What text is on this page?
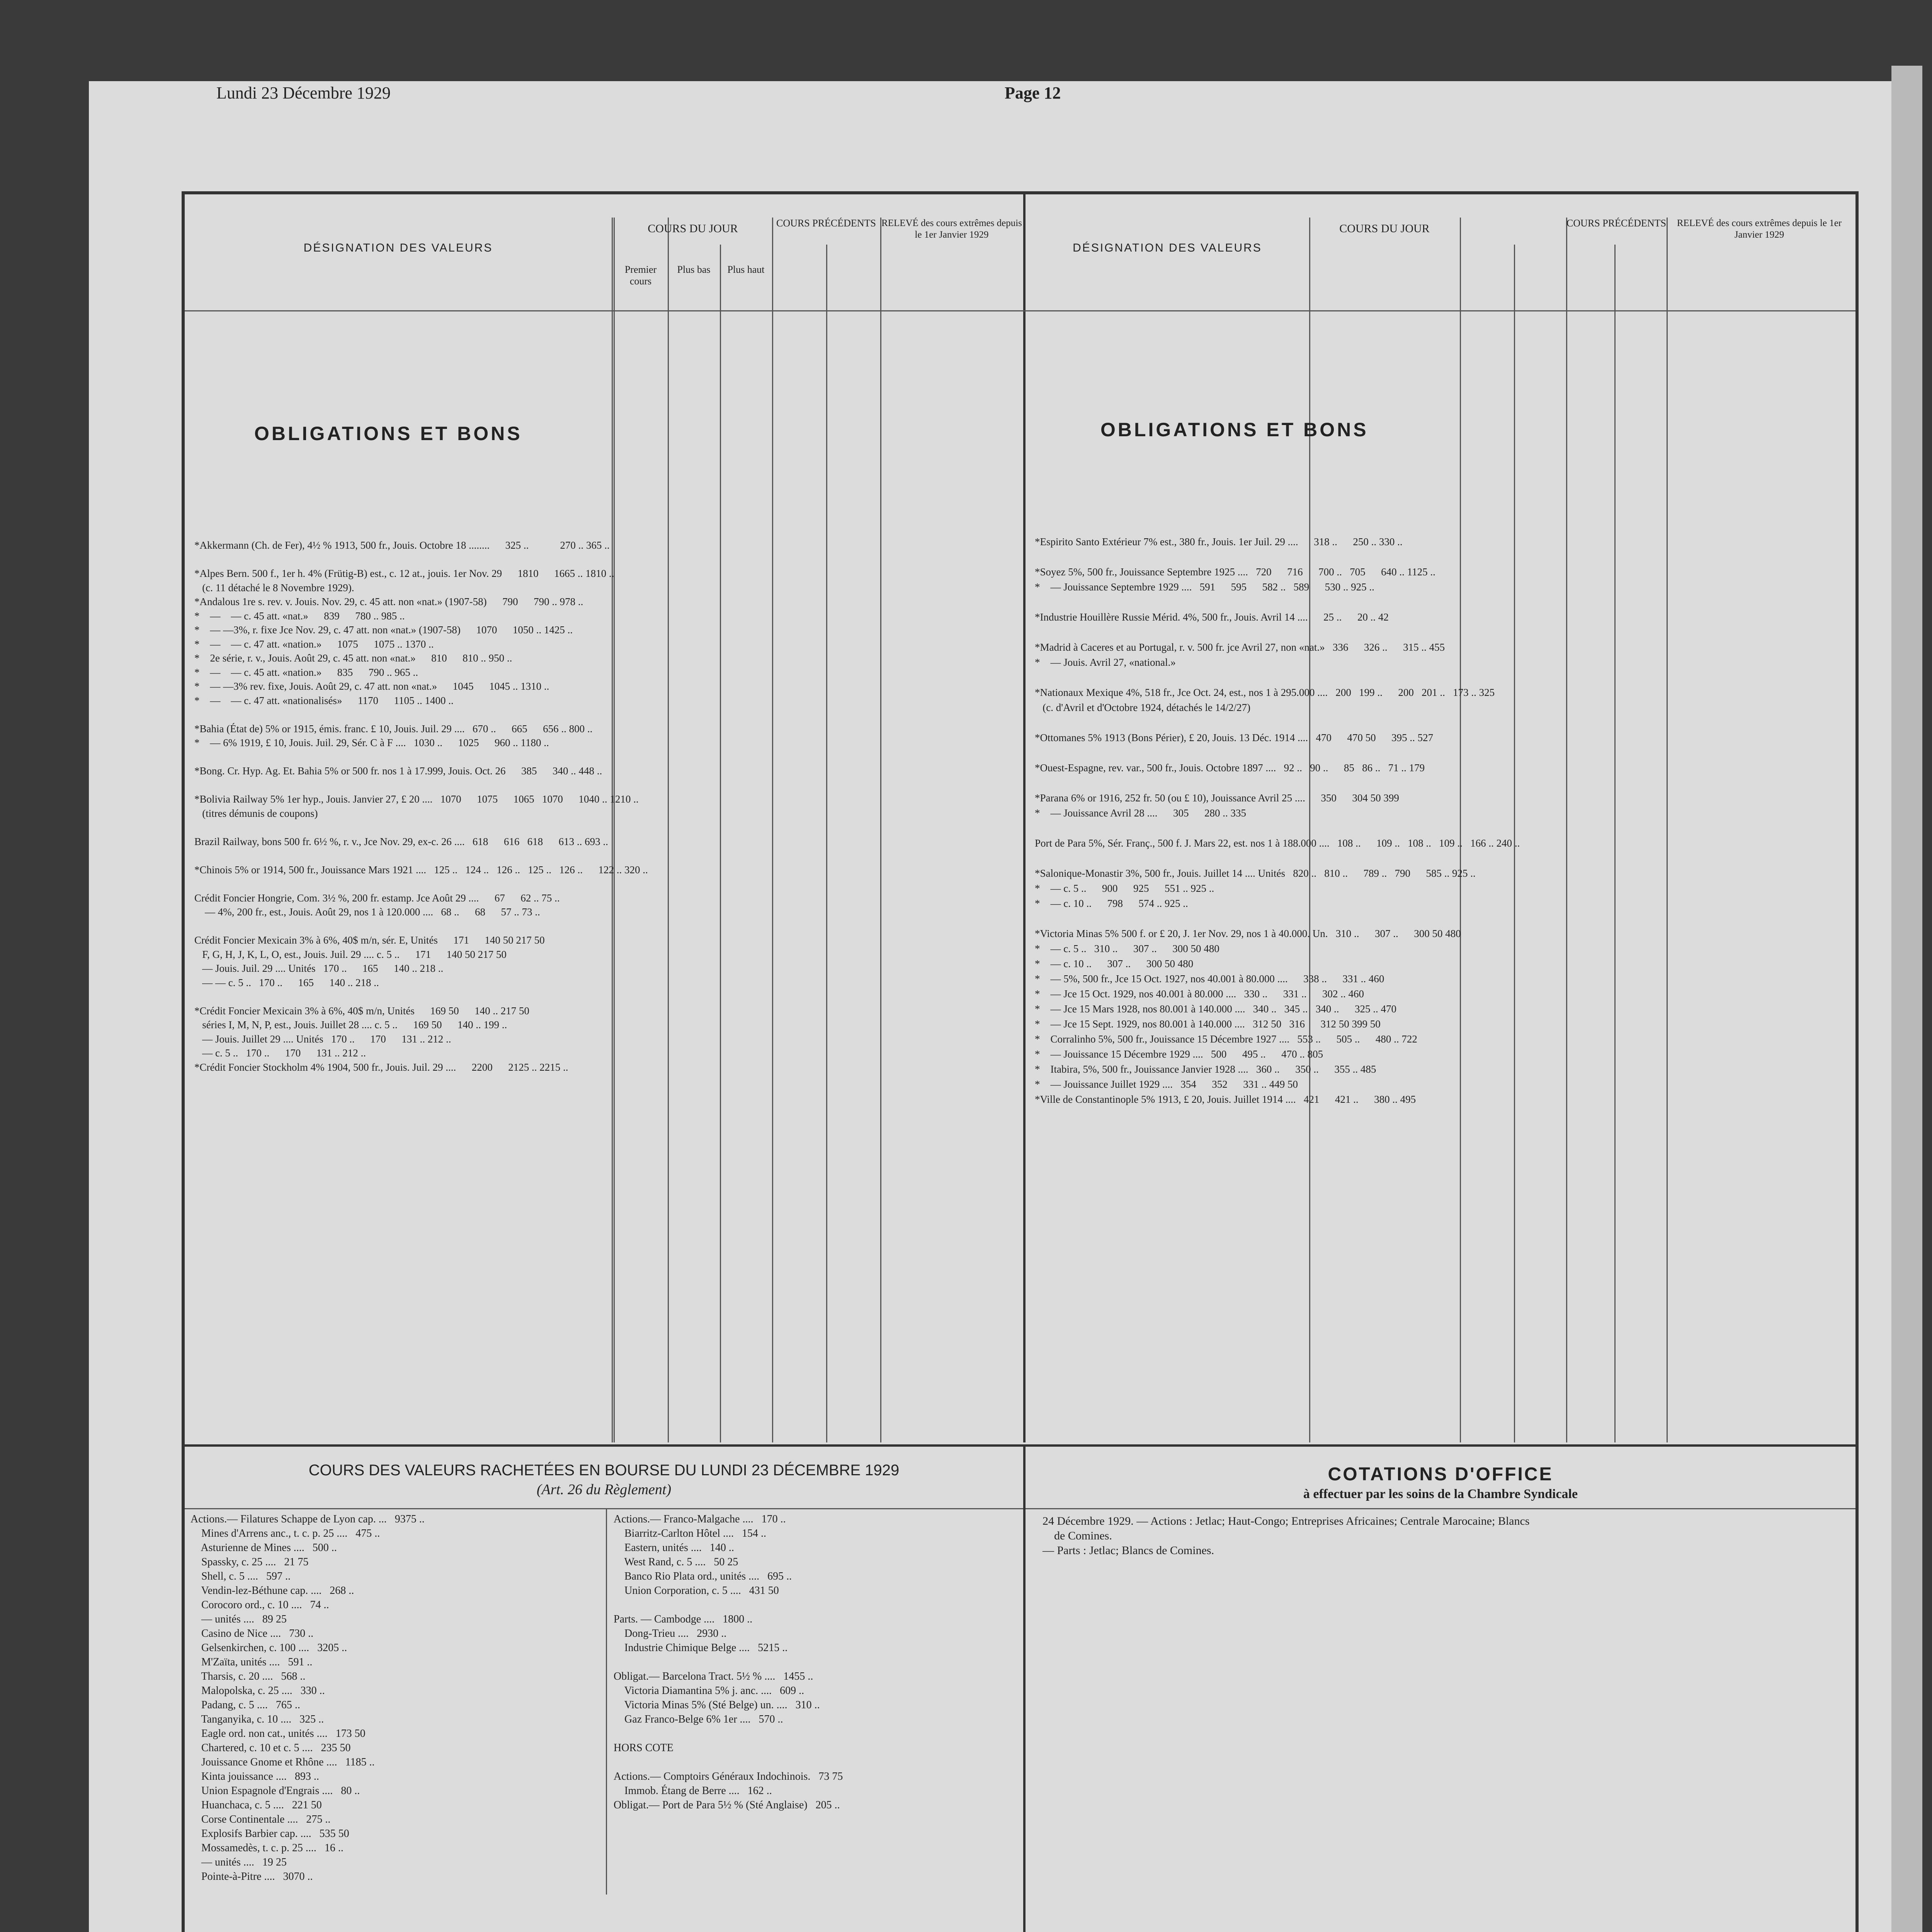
Lundi 23 Décembre 1929	Page 12
DÉSIGNATION DES VALEURS
COURS DU JOUR	COURS PRÉCÉDENTS RELEVÉ des cours extrêmes depuis le 1er Janvier 1929
Premier cours
Plus bas	Plus haut
DÉSIGNATION DES VALEURS
COURS DU JOUR	COURS PRÉCÉDENTS	RELEVÉ des cours extrêmes depuis le 1er Janvier 1929
OBLIGATIONS ET BONS	OBLIGATIONS ET BONS
*Akkermann (Ch. de Fer), 4½ % 1913, 500 fr., Jouis. Octobre 18 ........      325 ..            270 .. 365 ..

*Alpes Bern. 500 f., 1er h. 4% (Frütig-B) est., c. 12 at., jouis. 1er Nov. 29      1810      1665 .. 1810 ..
(c. 11 détaché le 8 Novembre 1929).
*Andalous 1re s. rev. v. Jouis. Nov. 29, c. 45 att. non «nat.» (1907-58)      790      790 .. 978 ..
*    —    — c. 45 att. «nat.»      839      780 .. 985 ..
*    — —3%, r. fixe Jce Nov. 29, c. 47 att. non «nat.» (1907-58)      1070      1050 .. 1425 ..
*    —    — c. 47 att. «nation.»      1075      1075 .. 1370 ..
*    2e série, r. v., Jouis. Août 29, c. 45 att. non «nat.»      810      810 .. 950 ..
*    —    — c. 45 att. «nation.»      835      790 .. 965 ..
*    — —3% rev. fixe, Jouis. Août 29, c. 47 att. non «nat.»      1045      1045 .. 1310 ..
*    —    — c. 47 att. «nationalisés»      1170      1105 .. 1400 ..

*Bahia (État de) 5% or 1915, émis. franc. £ 10, Jouis. Juil. 29 ....   670 ..      665      656 .. 800 ..
*    — 6% 1919, £ 10, Jouis. Juil. 29, Sér. C à F ....   1030 ..      1025      960 .. 1180 ..

*Bong. Cr. Hyp. Ag. Et. Bahia 5% or 500 fr. nos 1 à 17.999, Jouis. Oct. 26      385      340 .. 448 ..

*Bolivia Railway 5% 1er hyp., Jouis. Janvier 27, £ 20 ....   1070      1075      1065   1070      1040 .. 1210 ..
(titres démunis de coupons)

Brazil Railway, bons 500 fr. 6½ %, r. v., Jce Nov. 29, ex-c. 26 ....   618      616   618      613 .. 693 ..

*Chinois 5% or 1914, 500 fr., Jouissance Mars 1921 ....   125 ..   124 ..   126 ..   125 ..   126 ..      122 .. 320 ..

Crédit Foncier Hongrie, Com. 3½ %, 200 fr. estamp. Jce Août 29 ....      67      62 .. 75 ..
— 4%, 200 fr., est., Jouis. Août 29, nos 1 à 120.000 ....   68 ..      68      57 .. 73 ..

Crédit Foncier Mexicain 3% à 6%, 40$ m/n, sér. E, Unités      171      140 50 217 50
F, G, H, J, K, L, O, est., Jouis. Juil. 29 .... c. 5 ..      171      140 50 217 50
— Jouis. Juil. 29 .... Unités   170 ..      165      140 .. 218 ..
— — c. 5 ..   170 ..      165      140 .. 218 ..

*Crédit Foncier Mexicain 3% à 6%, 40$ m/n, Unités      169 50      140 .. 217 50
séries I, M, N, P, est., Jouis. Juillet 28 .... c. 5 ..      169 50      140 .. 199 ..
— Jouis. Juillet 29 .... Unités   170 ..      170      131 .. 212 ..
— c. 5 ..   170 ..      170      131 .. 212 ..
*Crédit Foncier Stockholm 4% 1904, 500 fr., Jouis. Juil. 29 ....      2200      2125 .. 2215 ..
*Espirito Santo Extérieur 7% est., 380 fr., Jouis. 1er Juil. 29 ....      318 ..      250 .. 330 ..

*Soyez 5%, 500 fr., Jouissance Septembre 1925 ....   720      716      700 ..   705      640 .. 1125 ..
*    — Jouissance Septembre 1929 ....   591      595      582 ..   589      530 .. 925 ..

*Industrie Houillère Russie Mérid. 4%, 500 fr., Jouis. Avril 14 ....      25 ..      20 .. 42

*Madrid à Caceres et au Portugal, r. v. 500 fr. jce Avril 27, non «nat.»   336      326 ..      315 .. 455
*    — Jouis. Avril 27, «national.»

*Nationaux Mexique 4%, 518 fr., Jce Oct. 24, est., nos 1 à 295.000 ....   200   199 ..      200   201 ..   173 .. 325
(c. d'Avril et d'Octobre 1924, détachés le 14/2/27)

*Ottomanes 5% 1913 (Bons Périer), £ 20, Jouis. 13 Déc. 1914 ....   470      470 50      395 .. 527

*Ouest-Espagne, rev. var., 500 fr., Jouis. Octobre 1897 ....   92 ..   90 ..      85   86 ..   71 .. 179

*Parana 6% or 1916, 252 fr. 50 (ou £ 10), Jouissance Avril 25 ....      350      304 50 399
*    — Jouissance Avril 28 ....      305      280 .. 335

Port de Para 5%, Sér. Franç., 500 f. J. Mars 22, est. nos 1 à 188.000 ....   108 ..      109 ..   108 ..   109 ..   166 .. 240 ..

*Salonique-Monastir 3%, 500 fr., Jouis. Juillet 14 .... Unités   820 ..   810 ..      789 ..   790      585 .. 925 ..
*    — c. 5 ..      900      925      551 .. 925 ..
*    — c. 10 ..      798      574 .. 925 ..

*Victoria Minas 5% 500 f. or £ 20, J. 1er Nov. 29, nos 1 à 40.000. Un.   310 ..      307 ..      300 50 480
*    — c. 5 ..   310 ..      307 ..      300 50 480
*    — c. 10 ..      307 ..      300 50 480
*    — 5%, 500 fr., Jce 15 Oct. 1927, nos 40.001 à 80.000 ....      338 ..      331 .. 460
*    — Jce 15 Oct. 1929, nos 40.001 à 80.000 ....   330 ..      331 ..      302 .. 460
*    — Jce 15 Mars 1928, nos 80.001 à 140.000 ....   340 ..   345 ..   340 ..      325 .. 470
*    — Jce 15 Sept. 1929, nos 80.001 à 140.000 ....   312 50   316      312 50 399 50
*    Corralinho 5%, 500 fr., Jouissance 15 Décembre 1927 ....   553 ..      505 ..      480 .. 722
*    — Jouissance 15 Décembre 1929 ....   500      495 ..      470 .. 805
*    Itabira, 5%, 500 fr., Jouissance Janvier 1928 ....   360 ..      350 ..      355 .. 485
*    — Jouissance Juillet 1929 ....   354      352      331 .. 449 50
*Ville de Constantinople 5% 1913, £ 20, Jouis. Juillet 1914 ....   421      421 ..      380 .. 495
COURS DES VALEURS RACHETÉES EN BOURSE DU LUNDI 23 DÉCEMBRE 1929
(Art. 26 du Règlement)
Actions.— Filatures Schappe de Lyon cap. ...   9375 ..
Mines d'Arrens anc., t. c. p. 25 ....   475 ..
Asturienne de Mines ....   500 ..
Spassky, c. 25 ....   21 75
Shell, c. 5 ....   597 ..
Vendin-lez-Béthune cap. ....   268 ..
Corocoro ord., c. 10 ....   74 ..
— unités ....   89 25
Casino de Nice ....   730 ..
Gelsenkirchen, c. 100 ....   3205 ..
M'Zaïta, unités ....   591 ..
Tharsis, c. 20 ....   568 ..
Malopolska, c. 25 ....   330 ..
Padang, c. 5 ....   765 ..
Tanganyika, c. 10 ....   325 ..
Eagle ord. non cat., unités ....   173 50
Chartered, c. 10 et c. 5 ....   235 50
Jouissance Gnome et Rhône ....   1185 ..
Kinta jouissance ....   893 ..
Union Espagnole d'Engrais ....   80 ..
Huanchaca, c. 5 ....   221 50
Corse Continentale ....   275 ..
Explosifs Barbier cap. ....   535 50
Mossamedès, t. c. p. 25 ....   16 ..
— unités ....   19 25
Pointe-à-Pitre ....   3070 ..
Actions.— Franco-Malgache ....   170 ..
Biarritz-Carlton Hôtel ....   154 ..
Eastern, unités ....   140 ..
West Rand, c. 5 ....   50 25
Banco Rio Plata ord., unités ....   695 ..
Union Corporation, c. 5 ....   431 50

Parts. — Cambodge ....   1800 ..
Dong-Trieu ....   2930 ..
Industrie Chimique Belge ....   5215 ..

Obligat.— Barcelona Tract. 5½ % ....   1455 ..
Victoria Diamantina 5% j. anc. ....   609 ..
Victoria Minas 5% (Sté Belge) un. ....   310 ..
Gaz Franco-Belge 6% 1er ....   570 ..

HORS COTE

Actions.— Comptoirs Généraux Indochinois.   73 75
Immob. Étang de Berre ....   162 ..
Obligat.— Port de Para 5½ % (Sté Anglaise)   205 ..
COTATIONS D'OFFICE
à effectuer par les soins de la Chambre Syndicale
24 Décembre 1929. — Actions : Jetlac; Haut-Congo; Entreprises Africaines; Centrale Marocaine; Blancs
de Comines.
— Parts : Jetlac; Blancs de Comines.
